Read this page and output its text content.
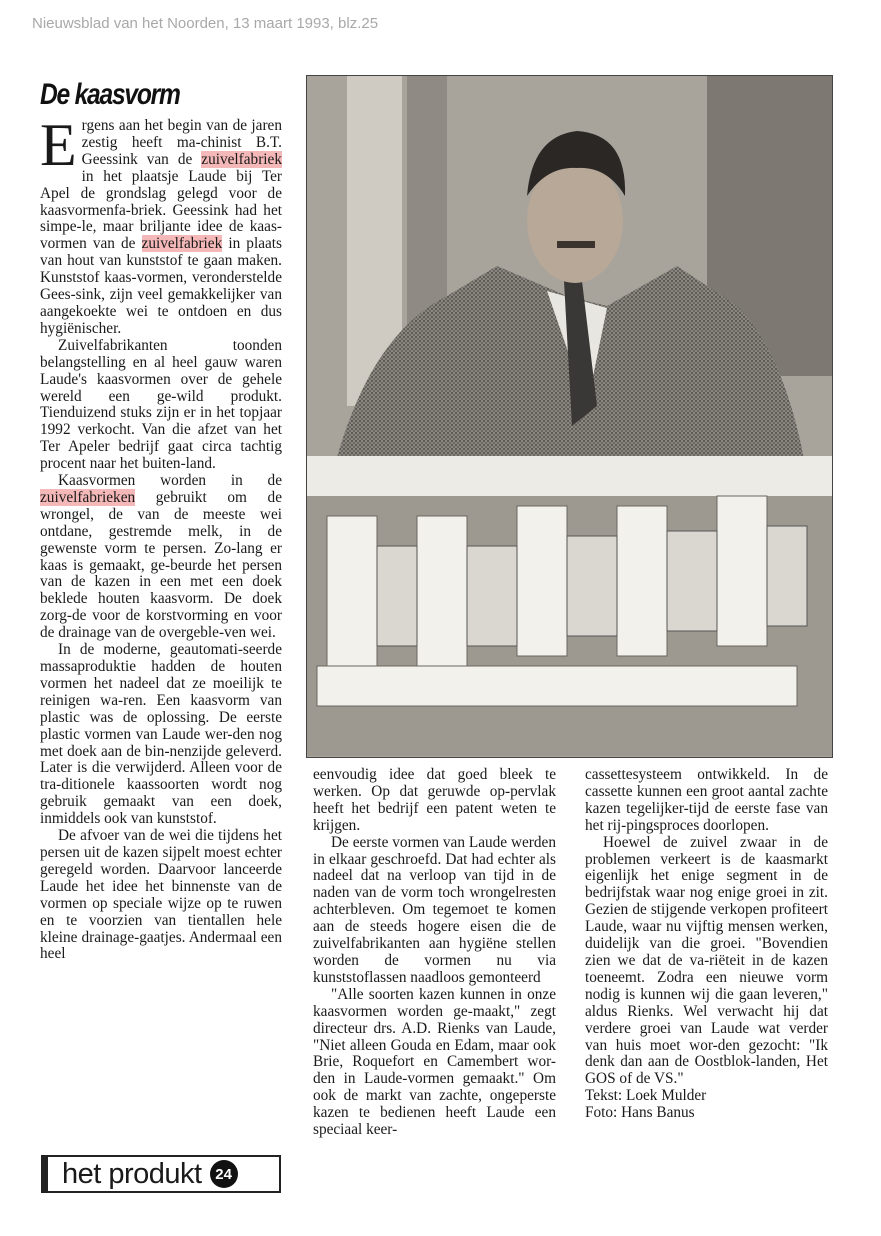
Nieuwsblad van het Noorden, 13 maart 1993, blz.25
De kaasvorm

Ergens aan het begin van de jaren zestig heeft ma-chinist B.T. Geessink van de zuivelfabriek in het plaatsje Laude bij Ter Apel de grondslag gelegd voor de kaasvormenfa-briek. Geessink had het simpe-le, maar briljante idee de kaas-vormen van de zuivelfabriek in plaats van hout van kunststof te gaan maken. Kunststof kaas-vormen, veronderstelde Gees-sink, zijn veel gemakkelijker van aangekoekte wei te ontdoen en dus hygiënischer.

Zuivelfabrikanten toonden belangstelling en al heel gauw waren Laude's kaasvormen over de gehele wereld een ge-wild produkt. Tienduizend stuks zijn er in het topjaar 1992 verkocht. Van die afzet van het Ter Apeler bedrijf gaat circa tachtig procent naar het buiten-land.

Kaasvormen worden in de zuivelfabrieken gebruikt om de wrongel, de van de meeste wei ontdane, gestremde melk, in de gewenste vorm te persen. Zo-lang er kaas is gemaakt, ge-beurde het persen van de kazen in een met een doek beklede houten kaasvorm. De doek zorg-de voor de korstvorming en voor de drainage van de overgeble-ven wei.

In de moderne, geautomati-seerde massaproduktie hadden de houten vormen het nadeel dat ze moeilijk te reinigen wa-ren. Een kaasvorm van plastic was de oplossing. De eerste plastic vormen van Laude wer-den nog met doek aan de bin-nenzijde geleverd. Later is die verwijderd. Alleen voor de tra-ditionele kaassoorten wordt nog gebruik gemaakt van een doek, inmiddels ook van kunststof.

De afvoer van de wei die tijdens het persen uit de kazen sijpelt moest echter geregeld worden. Daarvoor lanceerde Laude het idee het binnenste van de vormen op speciale wijze op te ruwen en te voorzien van tientallen hele kleine drainage-gaatjes. Andermaal een heel

eenvoudig idee dat goed bleek te werken. Op dat geruwde op-pervlak heeft het bedrijf een patent weten te krijgen.

De eerste vormen van Laude werden in elkaar geschroefd. Dat had echter als nadeel dat na verloop van tijd in de naden van de vorm toch wrongelresten achterbleven. Om tegemoet te komen aan de steeds hogere eisen die de zuivelfabrikanten aan hygiëne stellen worden de vormen nu via kunststoflassen naadloos gemonteerd

"Alle soorten kazen kunnen in onze kaasvormen worden ge-maakt," zegt directeur drs. A.D. Rienks van Laude, "Niet alleen Gouda en Edam, maar ook Brie, Roquefort en Camembert wor-den in Laude-vormen gemaakt." Om ook de markt van zachte, ongeperste kazen te bedienen heeft Laude een speciaal keer-

cassettesysteem ontwikkeld. In de cassette kunnen een groot aantal zachte kazen tegelijker-tijd de eerste fase van het rij-pingsproces doorlopen.

Hoewel de zuivel zwaar in de problemen verkeert is de kaasmarkt eigenlijk het enige segment in de bedrijfstak waar nog enige groei in zit. Gezien de stijgende verkopen profiteert Laude, waar nu vijftig mensen werken, duidelijk van die groei. "Bovendien zien we dat de va-riëteit in de kazen toeneemt. Zodra een nieuwe vorm nodig is kunnen wij die gaan leveren," aldus Rienks. Wel verwacht hij dat verdere groei van Laude wat verder van huis moet wor-den gezocht: "Ik denk dan aan de Oostblok-landen, Het GOS of de VS."

Tekst: Loek Mulder

Foto: Hans Banus

het produkt 24
